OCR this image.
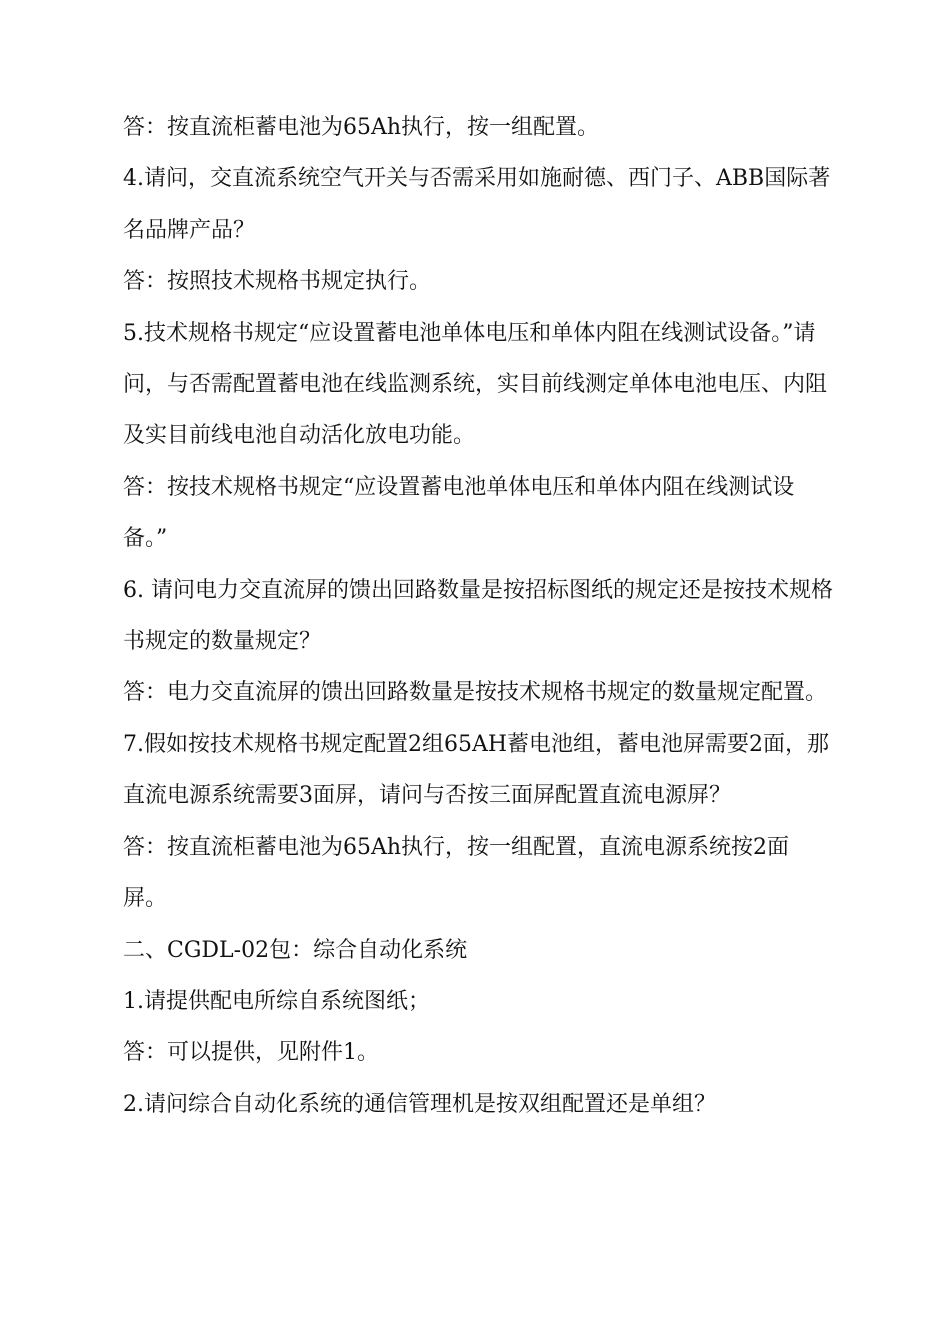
答：按直流柜蓄电池为65Ah执行，按一组配置。

4.请问，交直流系统空气开关与否需采用如施耐德、西门子、ABB国际著名品牌产品？

答：按照技术规格书规定执行。

5.技术规格书规定“应设置蓄电池单体电压和单体内阻在线测试设备。”请问，与否需配置蓄电池在线监测系统，实目前线测定单体电池电压、内阻及实目前线电池自动活化放电功能。

答：按技术规格书规定“应设置蓄电池单体电压和单体内阻在线测试设备。”

6. 请问电力交直流屏的馈出回路数量是按招标图纸的规定还是按技术规格书规定的数量规定？

答：电力交直流屏的馈出回路数量是按技术规格书规定的数量规定配置。

7.假如按技术规格书规定配置2组65AH蓄电池组，蓄电池屏需要2面，那直流电源系统需要3面屏，请问与否按三面屏配置直流电源屏？

答：按直流柜蓄电池为65Ah执行，按一组配置，直流电源系统按2面屏。

二、CGDL-02包：综合自动化系统

1.请提供配电所综自系统图纸；

答：可以提供，见附件1。

2.请问综合自动化系统的通信管理机是按双组配置还是单组？
